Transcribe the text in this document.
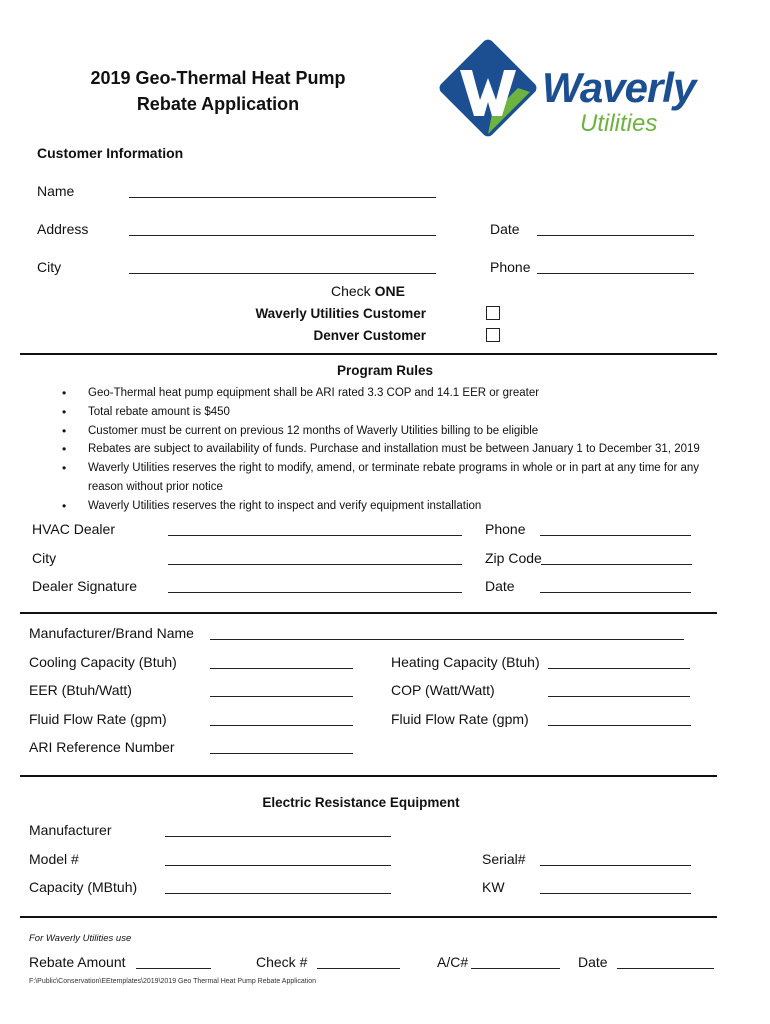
2019 Geo-Thermal Heat Pump
Rebate Application	Waverly
Utilities
Customer Information
Name
Address	Date
City	Phone
Check ONE
Waverly Utilities Customer
Denver Customer
Program Rules
• Geo-Thermal heat pump equipment shall be ARI rated 3.3 COP and 14.1 EER or greater
• Total rebate amount is $450
• Customer must be current on previous 12 months of Waverly Utilities billing to be eligible
• Rebates are subject to availability of funds. Purchase and installation must be between January 1 to December 31, 2019
• Waverly Utilities reserves the right to modify, amend, or terminate rebate programs in whole or in part at any time for any reason without prior notice
• Waverly Utilities reserves the right to inspect and verify equipment installation
HVAC Dealer	Phone
City	Zip Code
Dealer Signature	Date
Manufacturer/Brand Name
Cooling Capacity (Btuh)	Heating Capacity (Btuh)
EER (Btuh/Watt)	COP (Watt/Watt)
Fluid Flow Rate (gpm)	Fluid Flow Rate (gpm)
ARI Reference Number
Electric Resistance Equipment
Manufacturer
Model #	Serial#
Capacity (MBtuh)	KW
For Waverly Utilities use
Rebate Amount	Check #	A/C#	Date
F:\Public\Conservation\EEtemplates\2019\2019 Geo Thermal Heat Pump Rebate Application
